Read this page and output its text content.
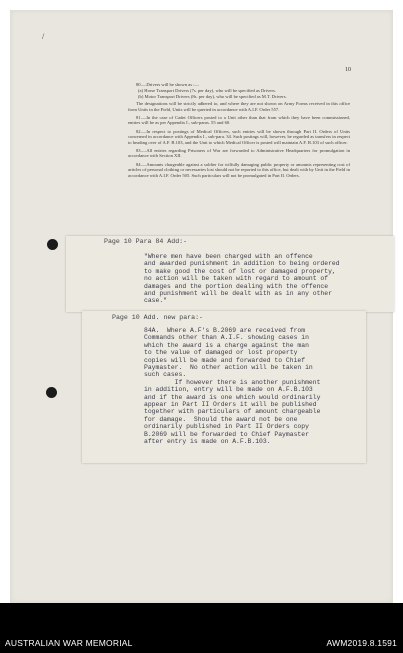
/
10

80.—Drivers will be shown as :—

(a) Horse Transport Drivers (7s. per day), who will be specified as Drivers.

(b) Motor Transport Drivers (8s. per day), who will be specified as M.T. Drivers.

The designations will be strictly adhered to, and where they are not shown on Army Forms received in this office from Units in the Field, Units will be queried in accordance with A.I.F. Order 557.

81.—In the case of Cadet Officers posted to a Unit other than that from which they have been commissioned, entries will be as per Appendix I., sub-paras. 55 and 60.

82.—In respect to postings of Medical Officers, such entries will be shown through Part II. Orders of Units concerned in accordance with Appendix I., sub-para. 34. Such postings will, however, be regarded as transfers in respect to heading over of A.F. B.103, and the Unit to which Medical Officer is posted will maintain A.F. B.103 of such officer.

83.—All entries regarding Prisoners of War are forwarded to Administrative Headquarters for promulgation in accordance with Section XII.

84.—Amounts chargeable against a soldier for wilfully damaging public property or amounts representing cost of articles of personal clothing or necessaries lost should not be reported to this office, but dealt with by Unit in the Field in accordance with A.I.F. Order 505. Such particulars will not be promulgated in Part II. Orders.

Page 10 Para 84 Add:-
"Where men have been charged with an offence
and awarded punishment in addition to being ordered
to make good the cost of lost or damaged property,
no action will be taken with regard to amount of
damages and the portion dealing with the offence
and punishment will be dealt with as in any other
case."
Page 10 Add. new para:-
84A.  Where A.F's B.2069 are received from
Commands other than A.I.F. showing cases in
which the award is a charge against the man
to the value of damaged or lost property
copies will be made and forwarded to Chief
Paymaster.  No other action will be taken in
such cases.
If however there is another punishment
in addition, entry will be made on A.F.B.103
and if the award is one which would ordinarily
appear in Part II Orders it will be published
together with particulars of amount chargeable
for damage.  Should the award not be one
ordinarily published in Part II Orders copy
B.2069 will be forwarded to Chief Paymaster
after entry is made on A.F.B.103.
AUSTRALIAN WAR MEMORIAL	AWM2019.8.1591
